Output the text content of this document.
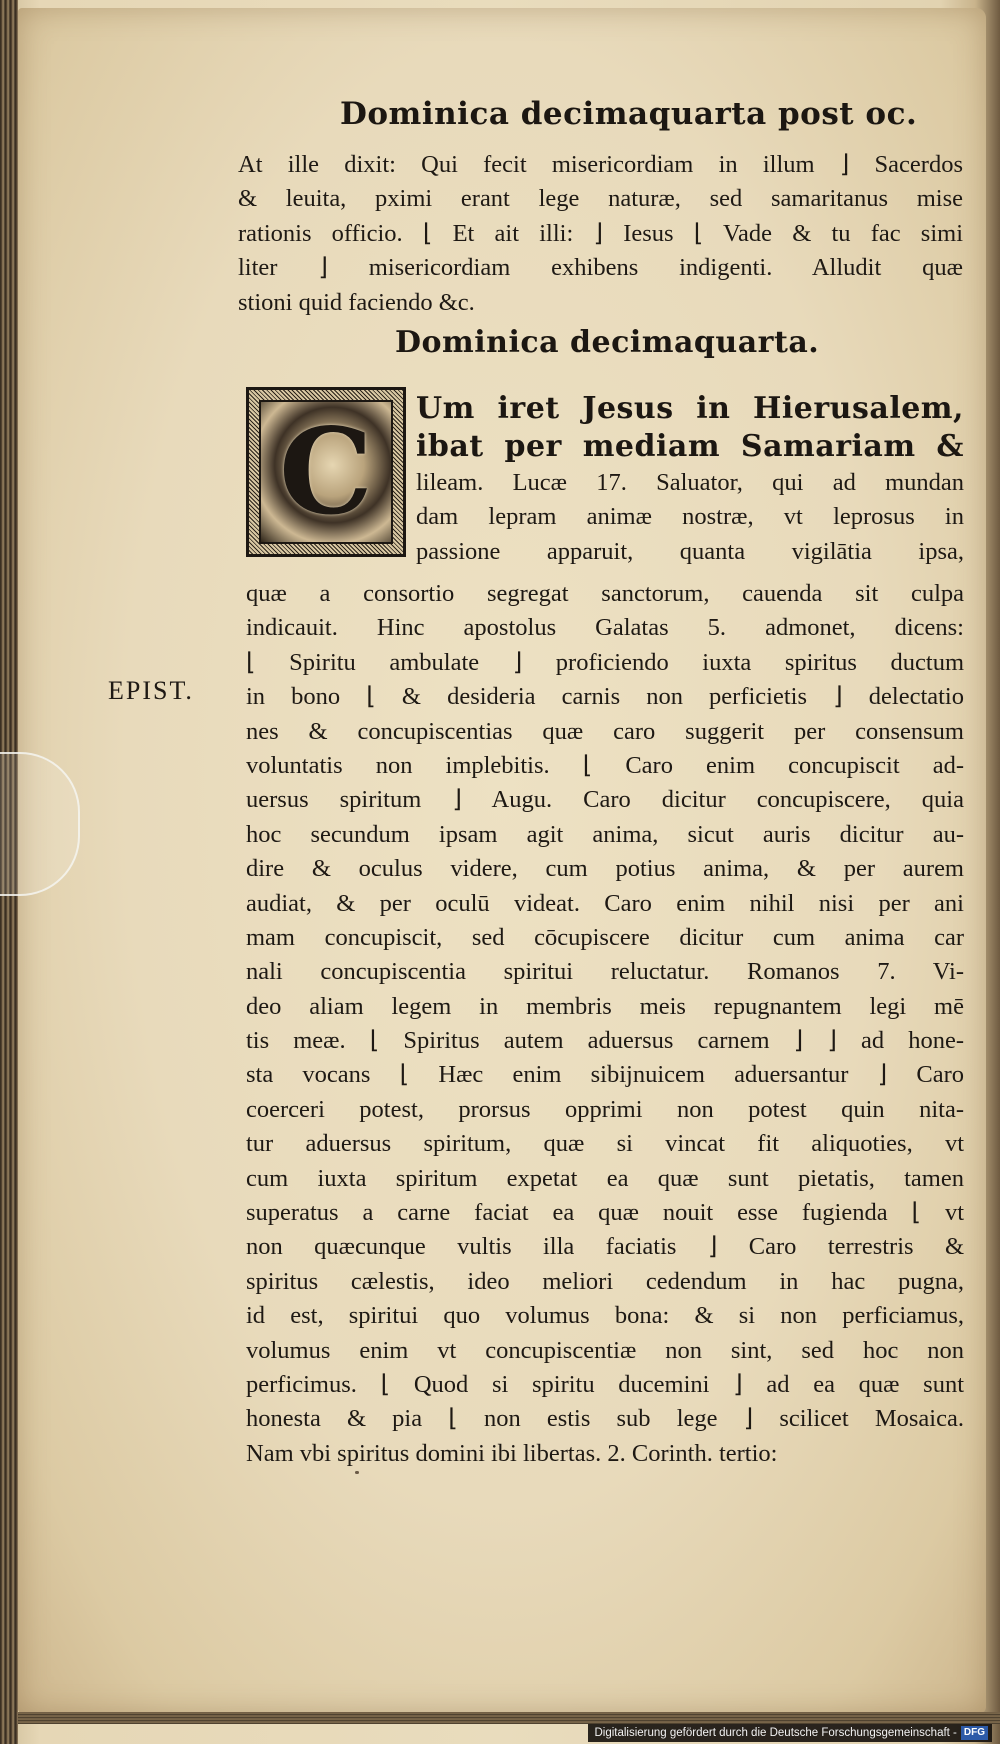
Dominica decimaquarta post oc.
At ille dixit: Qui fecit misericordiam in illum ⌋ Sacerdos
& leuita, pximi erant lege naturæ, sed samaritanus mise
rationis officio. ⌊ Et ait illi: ⌋ Iesus ⌊ Vade & tu fac simi
liter ⌋ misericordiam exhibens indigenti. Alludit quæ
stioni quid faciendo &c.
Dominica decimaquarta.
C	Um iret Jesus in Hierusalem,
ibat per mediam Samariam &
lileam. Lucæ 17. Saluator, qui ad mundan
dam lepram animæ nostræ, vt leprosus in
passione apparuit, quanta vigilātia ipsa,
EPIST.
quæ a consortio segregat sanctorum, cauenda sit culpa
indicauit. Hinc apostolus Galatas 5. admonet, dicens:
⌊ Spiritu ambulate ⌋ proficiendo iuxta spiritus ductum
in bono ⌊ & desideria carnis non perficietis ⌋ delectatio
nes & concupiscentias quæ caro suggerit per consensum
voluntatis non implebitis. ⌊ Caro enim concupiscit ad-
uersus spiritum ⌋ Augu. Caro dicitur concupiscere, quia
hoc secundum ipsam agit anima, sicut auris dicitur au-
dire & oculus videre, cum potius anima, & per aurem
audiat, & per oculū videat. Caro enim nihil nisi per ani
mam concupiscit, sed cōcupiscere dicitur cum anima car
nali concupiscentia spiritui reluctatur. Romanos 7. Vi-
deo aliam legem in membris meis repugnantem legi mē
tis meæ. ⌊ Spiritus autem aduersus carnem ⌋ ⌋ ad hone-
sta vocans ⌊ Hæc enim sibijnuicem aduersantur ⌋ Caro
coerceri potest, prorsus opprimi non potest quin nita-
tur aduersus spiritum, quæ si vincat fit aliquoties, vt
cum iuxta spiritum expetat ea quæ sunt pietatis, tamen
superatus a carne faciat ea quæ nouit esse fugienda ⌊ vt
non quæcunque vultis illa faciatis ⌋ Caro terrestris &
spiritus cælestis, ideo meliori cedendum in hac pugna,
id est, spiritui quo volumus bona: & si non perficiamus,
volumus enim vt concupiscentiæ non sint, sed hoc non
perficimus. ⌊ Quod si spiritu ducemini ⌋ ad ea quæ sunt
honesta & pia ⌊ non estis sub lege ⌋ scilicet Mosaica.
Nam vbi spiritus domini ibi libertas. 2. Corinth. tertio:
Digitalisierung gefördert durch die Deutsche Forschungsgemeinschaft - DFG
